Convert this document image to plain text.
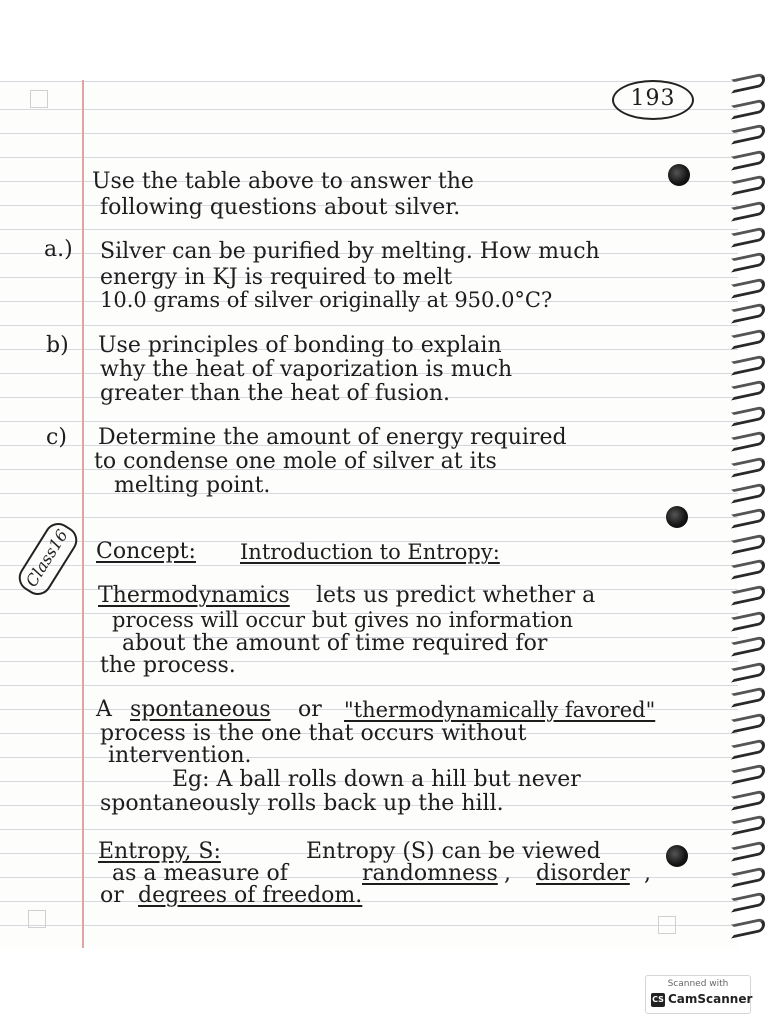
193
Use the table above to answer the
following questions about silver.
a.) Silver can be purified by melting. How much
energy in KJ is required to melt
10.0 grams of silver originally at 950.0°C?
b) Use principles of bonding to explain
why the heat of vaporization is much
greater than the heat of fusion.
c) Determine the amount of energy required
to condense one mole of silver at its
melting point.
Class16	Concept: Introduction to Entropy:
Thermodynamics lets us predict whether a
process will occur but gives no information
about the amount of time required for
the process.
A spontaneous or "thermodynamically favored"
process is the one that occurs without
intervention.
Eg: A ball rolls down a hill but never
spontaneously rolls back up the hill.
Entropy, S:	Entropy (S) can be viewed
as a measure of	randomness , disorder ,
or degrees of freedom.
Scanned with
CS CamScanner
